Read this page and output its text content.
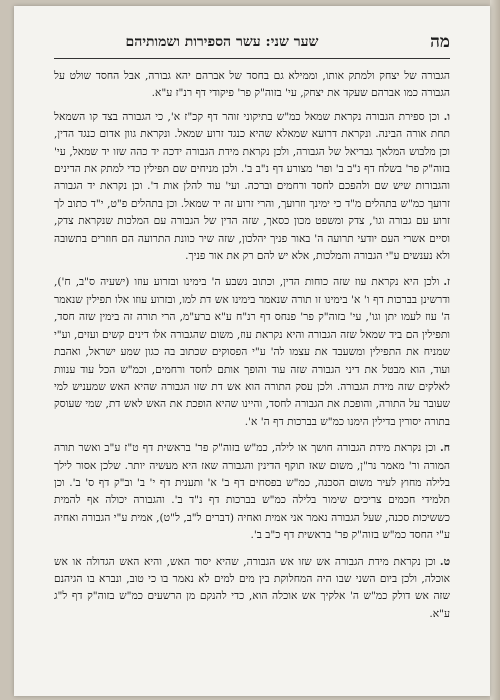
מה
שער שני: עשר הספירות ושמותיהם

הגבורה של יצחק ולמתק אותו, וממילא גם בחסד של אברהם יהא גבורה, אבל החסד שולט על הגבורה כמו אברהם שעקד את יצחק, עי' בזוה"ק פר' פיקודי דף רנ"ז ע"א.

ו.וכן ספירת הגבורה נקראת שמאל כמ"ש בתיקוני זוהר דף קכ"ז א', כי הגבורה בצד קו השמאל תחת אורה הבינה. ונקראת דרועא שמאלא שהיא כנגד זרוע שמאל. ונקראת גוון אדום כנגד הדין, וכן מלבוש המלאך גבריאל של הגבורה, ולכן נקראת מידת הגבורה ידכה יד כהה שזו יד שמאל, עי' בזוה"ק פר' בשלח דף נ"ב ב' ופר' מצורע דף נ"ב ב'. ולכן מניחים שם תפילין כדי למתק את הדינים והגבורות שיש שם ולהפכם לחסד ורחמים וברכה. ועי' עוד להלן אות ד'. וכן נקראת יד הגבורה זרועך כמ"ש בתהלים מ"ד כי ימינך וזרועך, והרי זרוע זה יד שמאל. וכן בתהלים פ"ט, י"ד כתוב לך זרוע עם גבורה וגו', צדק ומשפט מכון כסאך, שזה הדין של הגבורה עם המלכות שנקראת צדק, וסיים אשרי העם יודעי תרועה ה' באור פניך יהלכון, שזה שיר כוונת התרועה הם חוזרים בתשובה ולא נענשים ע"י הגבורה והמלכות, אלא יש להם רק את אור פניך.

ז.ולכן היא נקראת עוז שזה כוחות הדין, וכתוב נשבע ה' בימינו ובזרוע עוזו (ישעיה ס"ב, ח'), ודרשינן בברכות דף ו' א' בימינו זו תורה שנאמר בימינו אש דת למו, ובזרוע עוזו אלו תפילין שנאמר ה' עוז לעמו יתן וגו', עי' בזוה"ק פר' פנחס דף רנ"ח ע"א ברע"מ, הרי תורה זה בימין שזה חסד, ותפילין הם ביד שמאל שזה הגבורה והיא נקראת עוז, משום שהגבורה אלו דינים קשים ועזים, וע"י שמניח את התפילין ומשעבד את עצמו לה' ע"י הפסוקים שכתוב בה כגון שמע ישראל, ואהבת ועוד, הוא מבטל את דיני הגבורה שזה עוד והופך אותם לחסד ורחמים, וכמ"ש הכל עוד ענוות לאלקים שזה מידת הגבורה. ולכן עסק התורה הוא אש דת שזו הגבורה שהיא האש שמעניש למי שעובר על התורה, והופכת את הגבורה לחסד, והיינו שהיא הופכת את האש לאש דת, שמי שעוסק בתורה יסורין בדילין הימנו כמ"ש בברכות דף ה' א'.

ח.וכן נקראת מידת הגבורה חושך או לילה, כמ"ש בזוה"ק פר' בראשית דף ט"ז ע"ב ואשר תורה המורה ור' מאמר נר"ן, משום שאז תוקף הדינין והגבורה שאז היא מעשיה יותר. שלכן אסור לילך בלילה מחוץ לעיר משום הסכנה, כמ"ש בפסחים דף ב' א' ותענית דף י' ב' וב"ק דף ס' ב'. וכן תלמידי חכמים צריכים שימור בלילה כמ"ש בברכות דף נ"ד ב'. והגבורה יכולה אף להמית כששיכות סכנה, שעל הגבורה נאמר אני אמית ואחיה (דברים ל"ב, ל"ט), אמית ע"י הגבורה ואחיה ע"י החסד כמ"ש בזוה"ק פר' בראשית דף כ"ב ב'.

ט.וכן נקראת מידת הגבורה אש שזו אש הגבורה, שהיא יסוד האש, והיא האש הגדולה או אש אוכלה, ולכן ביום השני שבו היה המחלוקת בין מים למים לא נאמר בו כי טוב, ונברא בו הגיהנם שזה אש דולק כמ"ש ה' אלקיך אש אוכלה הוא, כדי להנקם מן הרשעים כמ"ש בזוה"ק דף ל"ג ע"א.
